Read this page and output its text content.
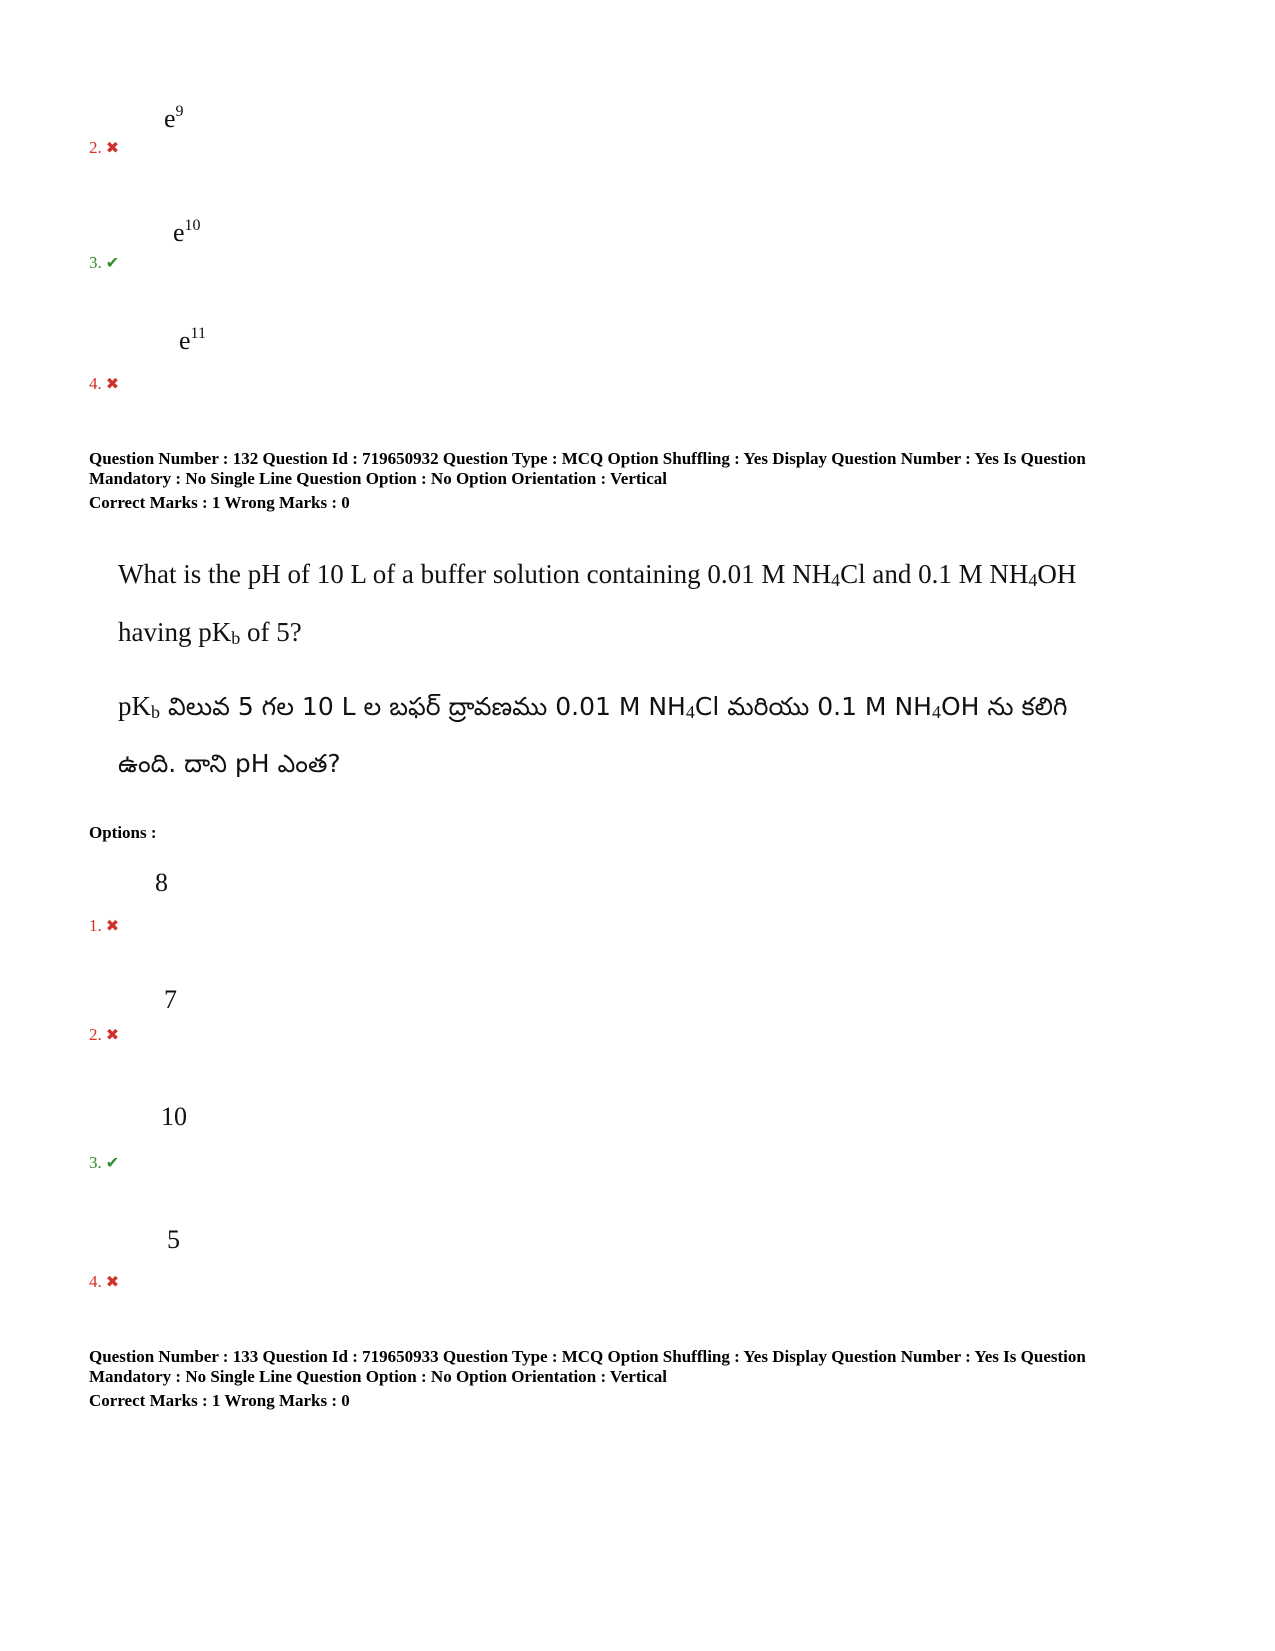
$e^9$
2. ✖
$e^{10}$
3. ✔
$e^{11}$
4. ✖

Question Number : 132 Question Id : 719650932 Question Type : MCQ Option Shuffling : Yes Display Question Number : Yes Is Question

Mandatory : No Single Line Question Option : No Option Orientation : Vertical

Correct Marks : 1 Wrong Marks : 0

What is the pH of 10 L of a buffer solution containing 0.01 M $NH_4Cl$ and 0.1 M $NH_4OH$

having $pK_b$ of 5?

$pK_b$ విలువ 5 గల 10 L ల బఫర్ ద్రావణము 0.01 M $NH_4Cl$ మరియు 0.1 M $NH_4OH$ ను కలిగి

ఉంది. దాని pH ఎంత?

Options :
8
1. ✖
7
2. ✖
10
3. ✔
5
4. ✖

Question Number : 133 Question Id : 719650933 Question Type : MCQ Option Shuffling : Yes Display Question Number : Yes Is Question

Mandatory : No Single Line Question Option : No Option Orientation : Vertical

Correct Marks : 1 Wrong Marks : 0
